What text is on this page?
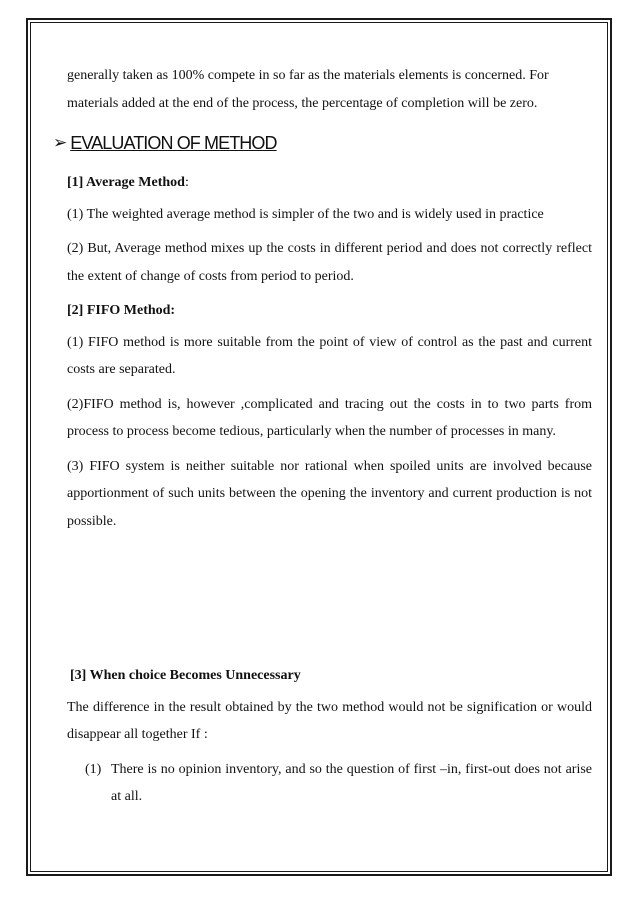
generally taken as 100% compete in so far as the materials elements is concerned. For
materials added at the end of the process, the percentage of completion will be zero.

➢ EVALUATION OF METHOD

[1] Average Method:

(1) The weighted average method is simpler of the two and is widely used in practice

(2) But, Average method mixes up the costs in different period and does not correctly reflect the extent of change of costs from period to period.

[2] FIFO Method:

(1) FIFO method is more suitable from the point of view of control as the past and current costs are separated.

(2)FIFO method is, however ,complicated and tracing out the costs in to two parts from process to process become tedious, particularly when the number of processes in many.

(3) FIFO system is neither suitable nor rational when spoiled units are involved because apportionment of such units between the opening the inventory and current production is not possible.

[3] When choice Becomes Unnecessary

The difference in the result obtained by the two method would not be signification or would disappear all together If :

(1) There is no opinion inventory, and so the question of first –in, first-out does not arise at all.
